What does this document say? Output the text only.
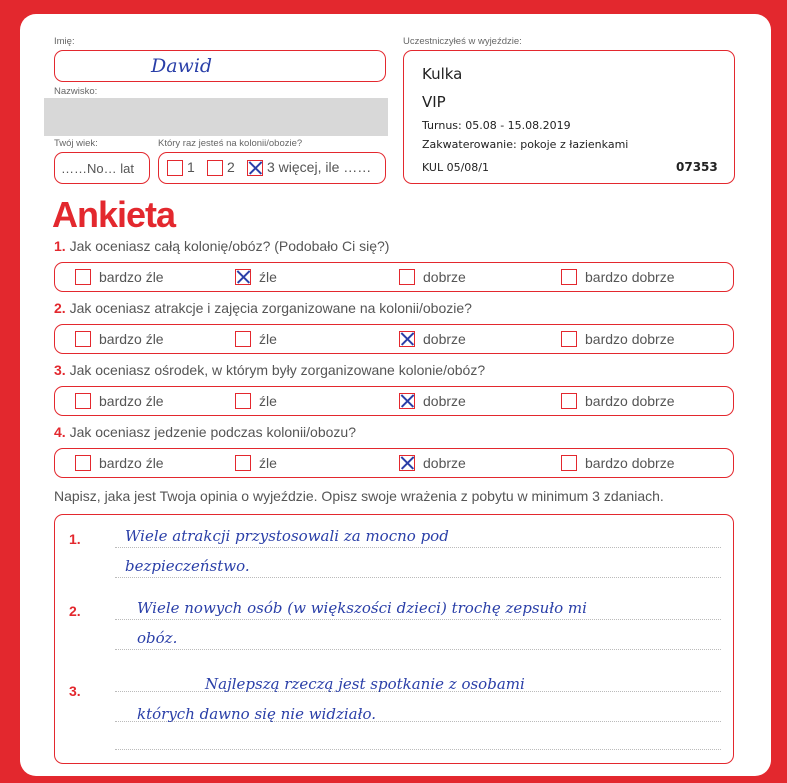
Imię:
Dawid
Nazwisko:
Twój wiek:
……No… lat
Który raz jesteś na kolonii/obozie?
1 2 3 więcej, ile ……
Uczestniczyłeś w wyjeździe:
Kulka
VIP
Turnus: 05.08 - 15.08.2019
Zakwaterowanie: pokoje z łazienkami
KUL 05/08/1	07353
Ankieta
1. Jak oceniasz całą kolonię/obóz? (Podobało Ci się?)
bardzo źle	źle	dobrze	bardzo dobrze
2. Jak oceniasz atrakcje i zajęcia zorganizowane na kolonii/obozie?
bardzo źle	źle	dobrze	bardzo dobrze
3. Jak oceniasz ośrodek, w którym były zorganizowane kolonie/obóz?
bardzo źle	źle	dobrze	bardzo dobrze
4. Jak oceniasz jedzenie podczas kolonii/obozu?
bardzo źle	źle	dobrze	bardzo dobrze
Napisz, jaka jest Twoja opinia o wyjeździe. Opisz swoje wrażenia z pobytu w minimum 3 zdaniach.
1.	Wiele atrakcji przystosowali za mocno pod
bezpieczeństwo.
2.	Wiele nowych osób (w większości dzieci) trochę zepsuło mi
obóz.
3.	Najlepszą rzeczą jest spotkanie z osobami
których dawno się nie widziało.
